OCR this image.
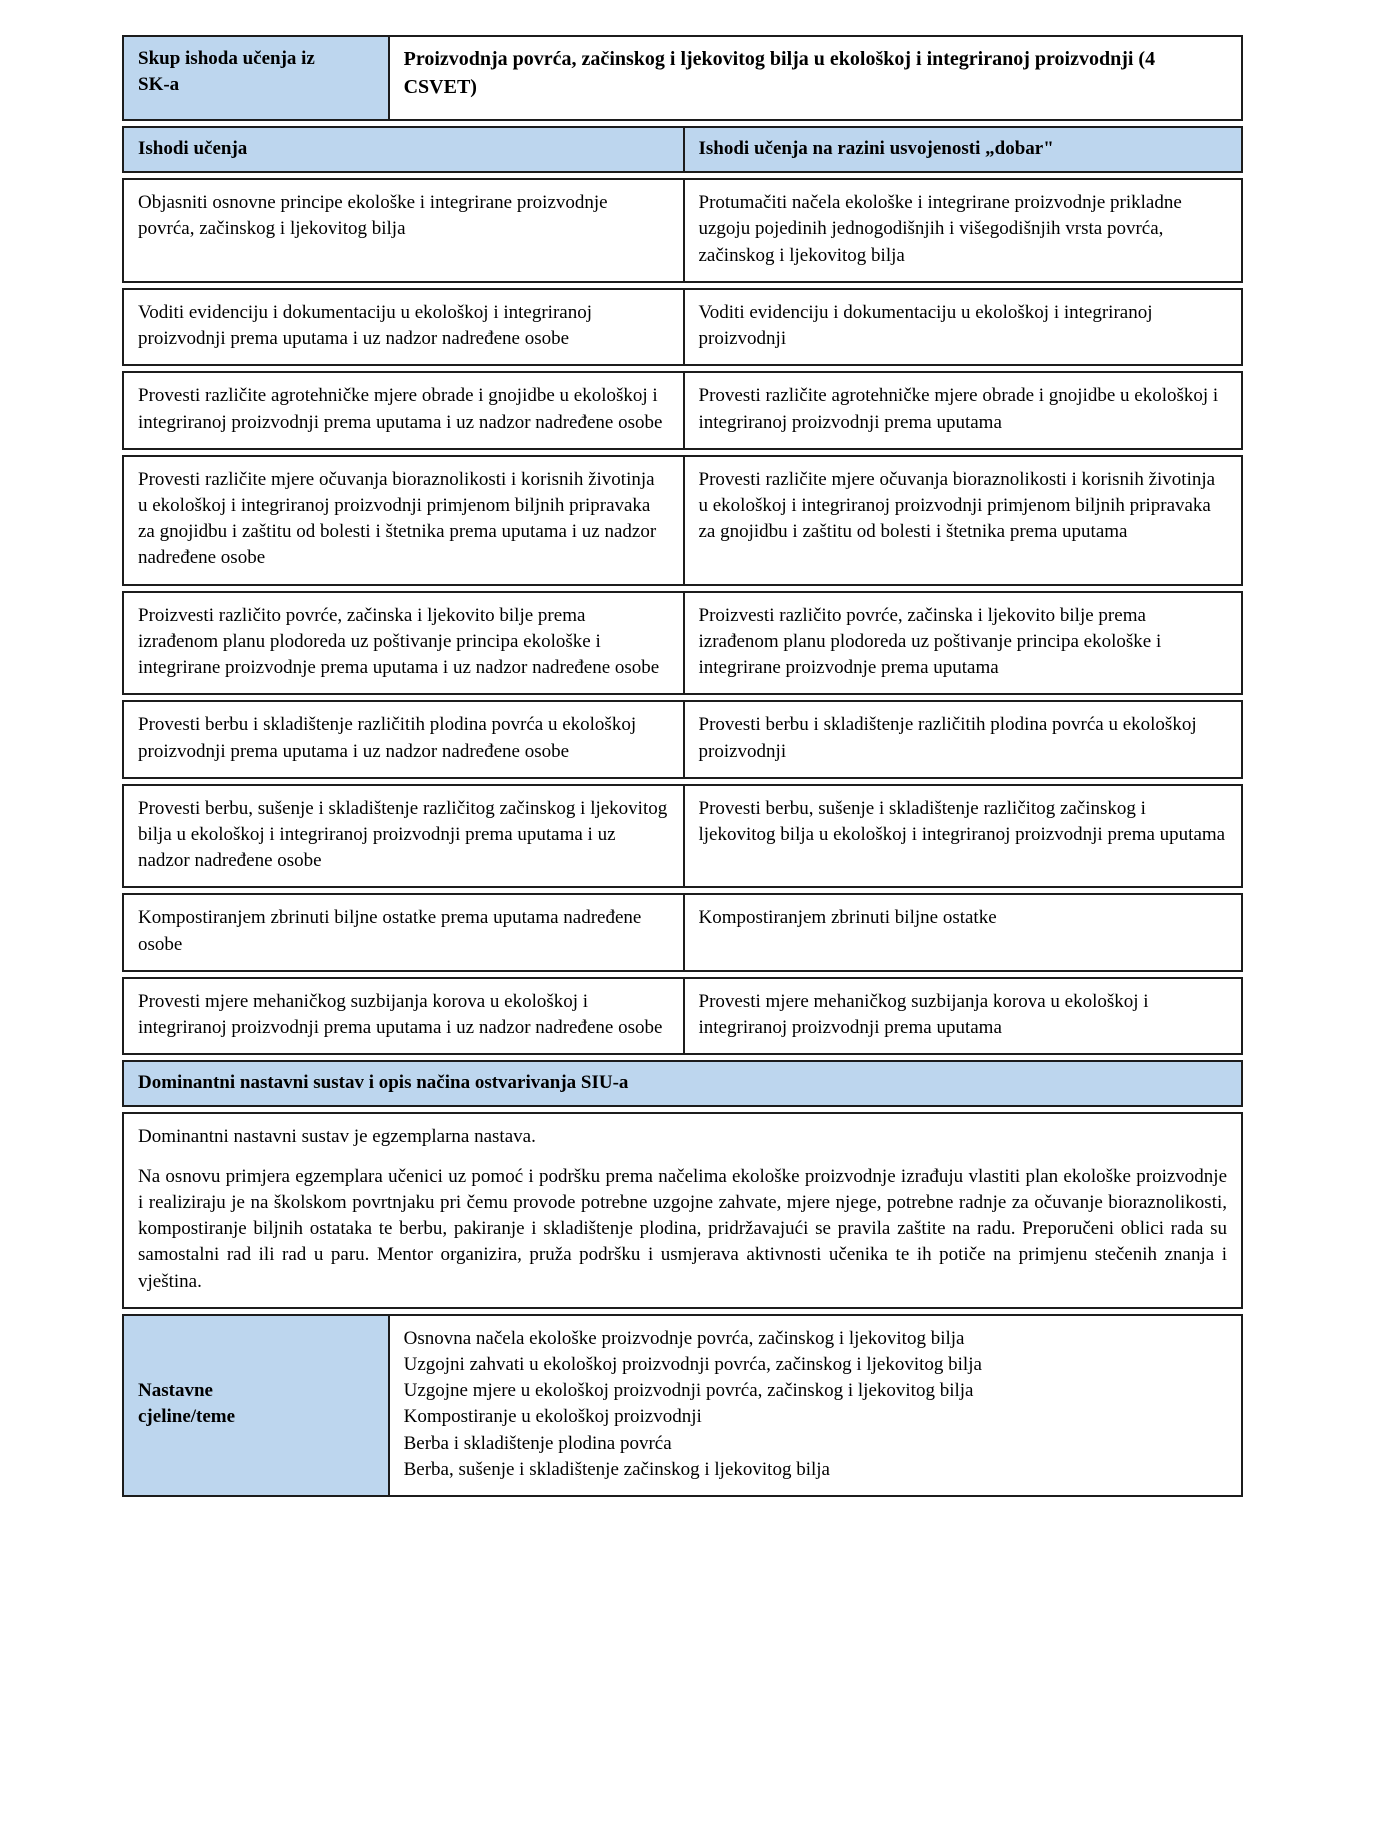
Skup ishoda učenja iz SK-a
Proizvodnja povrća, začinskog i ljekovitog bilja u ekološkoj i integriranoj proizvodnji (4 CSVET)
Ishodi učenja	Ishodi učenja na razini usvojenosti „dobar"
Objasniti osnovne principe ekološke i integrirane proizvodnje povrća, začinskog i ljekovitog bilja
Protumačiti načela ekološke i integrirane proizvodnje prikladne uzgoju pojedinih jednogodišnjih i višegodišnjih vrsta povrća, začinskog i ljekovitog bilja
Voditi evidenciju i dokumentaciju u ekološkoj i integriranoj proizvodnji prema uputama i uz nadzor nadređene osobe
Voditi evidenciju i dokumentaciju u ekološkoj i integriranoj proizvodnji
Provesti različite agrotehničke mjere obrade i gnojidbe u ekološkoj i integriranoj proizvodnji prema uputama i uz nadzor nadređene osobe
Provesti različite agrotehničke mjere obrade i gnojidbe u ekološkoj i integriranoj proizvodnji prema uputama
Provesti različite mjere očuvanja bioraznolikosti i korisnih životinja u ekološkoj i integriranoj proizvodnji primjenom biljnih pripravaka za gnojidbu i zaštitu od bolesti i štetnika prema uputama i uz nadzor nadređene osobe
Provesti različite mjere očuvanja bioraznolikosti i korisnih životinja u ekološkoj i integriranoj proizvodnji primjenom biljnih pripravaka za gnojidbu i zaštitu od bolesti i štetnika prema uputama
Proizvesti različito povrće, začinska i ljekovito bilje prema izrađenom planu plodoreda uz poštivanje principa ekološke i integrirane proizvodnje prema uputama i uz nadzor nadređene osobe
Proizvesti različito povrće, začinska i ljekovito bilje prema izrađenom planu plodoreda uz poštivanje principa ekološke i integrirane proizvodnje prema uputama
Provesti berbu i skladištenje različitih plodina povrća u ekološkoj proizvodnji prema uputama i uz nadzor nadređene osobe
Provesti berbu i skladištenje različitih plodina povrća u ekološkoj proizvodnji
Provesti berbu, sušenje i skladištenje različitog začinskog i ljekovitog bilja u ekološkoj i integriranoj proizvodnji prema uputama i uz nadzor nadređene osobe
Provesti berbu, sušenje i skladištenje različitog začinskog i ljekovitog bilja u ekološkoj i integriranoj proizvodnji prema uputama
Kompostiranjem zbrinuti biljne ostatke prema uputama nadređene osobe
Kompostiranjem zbrinuti biljne ostatke
Provesti mjere mehaničkog suzbijanja korova u ekološkoj i integriranoj proizvodnji prema uputama i uz nadzor nadređene osobe
Provesti mjere mehaničkog suzbijanja korova u ekološkoj i integriranoj proizvodnji prema uputama
Dominantni nastavni sustav i opis načina ostvarivanja SIU-a

Dominantni nastavni sustav je egzemplarna nastava.

Na osnovu primjera egzemplara učenici uz pomoć i podršku prema načelima ekološke proizvodnje izrađuju vlastiti plan ekološke proizvodnje i realiziraju je na školskom povrtnjaku pri čemu provode potrebne uzgojne zahvate, mjere njege, potrebne radnje za očuvanje bioraznolikosti, kompostiranje biljnih ostataka te berbu, pakiranje i skladištenje plodina, pridržavajući se pravila zaštite na radu. Preporučeni oblici rada su samostalni rad ili rad u paru. Mentor organizira, pruža podršku i usmjerava aktivnosti učenika te ih potiče na primjenu stečenih znanja i vještina.

Nastavne cjeline/teme
Osnovna načela ekološke proizvodnje povrća, začinskog i ljekovitog bilja
Uzgojni zahvati u ekološkoj proizvodnji povrća, začinskog i ljekovitog bilja
Uzgojne mjere u ekološkoj proizvodnji povrća, začinskog i ljekovitog bilja
Kompostiranje u ekološkoj proizvodnji
Berba i skladištenje plodina povrća
Berba, sušenje i skladištenje začinskog i ljekovitog bilja
